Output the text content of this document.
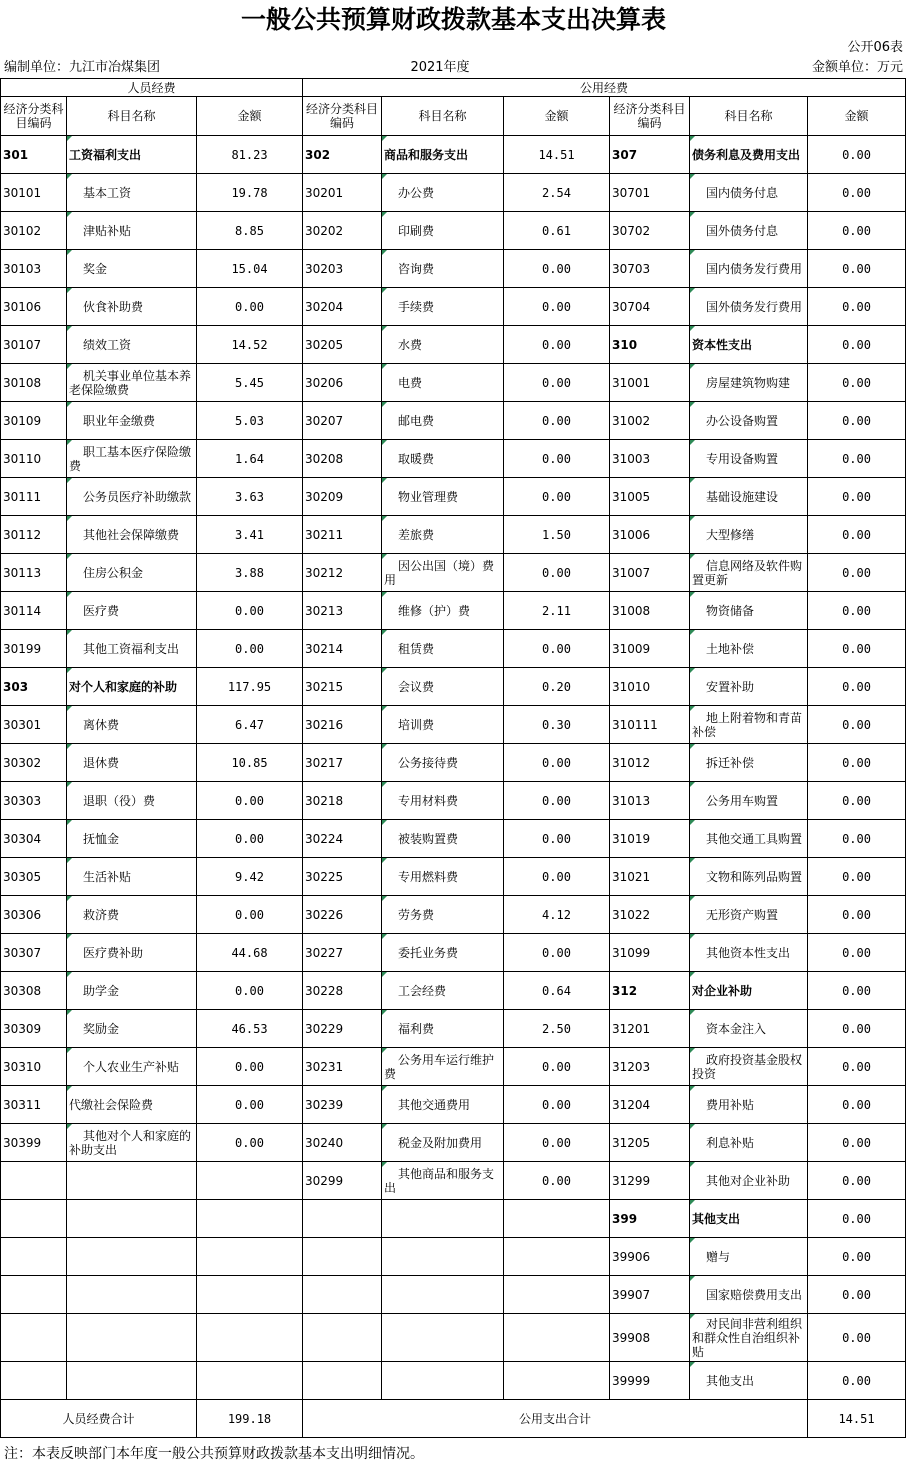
一般公共预算财政拨款基本支出决算表
公开06表
编制单位：九江市冶煤集团	2021年度	金额单位：万元
人员经费			公用经费					
经济分类科目编码	科目名称	金额	经济分类科目编码	科目名称	金额	经济分类科目编码	科目名称	金额
301	工资福利支出	81.23	302	商品和服务支出	14.51	307	债务利息及费用支出	0.00
30101	基本工资	19.78	30201	办公费	2.54	30701	国内债务付息	0.00
30102	津贴补贴	8.85	30202	印刷费	0.61	30702	国外债务付息	0.00
30103	奖金	15.04	30203	咨询费	0.00	30703	国内债务发行费用	0.00
30106	伙食补助费	0.00	30204	手续费	0.00	30704	国外债务发行费用	0.00
30107	绩效工资	14.52	30205	水费	0.00	310	资本性支出	0.00
30108	机关事业单位基本养老保险缴费	5.45	30206	电费	0.00	31001	房屋建筑物购建	0.00
30109	职业年金缴费	5.03	30207	邮电费	0.00	31002	办公设备购置	0.00
30110	职工基本医疗保险缴费	1.64	30208	取暖费	0.00	31003	专用设备购置	0.00
30111	公务员医疗补助缴款	3.63	30209	物业管理费	0.00	31005	基础设施建设	0.00
30112	其他社会保障缴费	3.41	30211	差旅费	1.50	31006	大型修缮	0.00
30113	住房公积金	3.88	30212	因公出国（境）费用	0.00	31007	信息网络及软件购置更新	0.00
30114	医疗费	0.00	30213	维修（护）费	2.11	31008	物资储备	0.00
30199	其他工资福利支出	0.00	30214	租赁费	0.00	31009	土地补偿	0.00
303	对个人和家庭的补助	117.95	30215	会议费	0.20	31010	安置补助	0.00
30301	离休费	6.47	30216	培训费	0.30	310111	地上附着物和青苗补偿	0.00
30302	退休费	10.85	30217	公务接待费	0.00	31012	拆迁补偿	0.00
30303	退职（役）费	0.00	30218	专用材料费	0.00	31013	公务用车购置	0.00
30304	抚恤金	0.00	30224	被装购置费	0.00	31019	其他交通工具购置	0.00
30305	生活补贴	9.42	30225	专用燃料费	0.00	31021	文物和陈列品购置	0.00
30306	救济费	0.00	30226	劳务费	4.12	31022	无形资产购置	0.00
30307	医疗费补助	44.68	30227	委托业务费	0.00	31099	其他资本性支出	0.00
30308	助学金	0.00	30228	工会经费	0.64	312	对企业补助	0.00
30309	奖励金	46.53	30229	福利费	2.50	31201	资本金注入	0.00
30310	个人农业生产补贴	0.00	30231	公务用车运行维护费	0.00	31203	政府投资基金股权投资	0.00
30311	代缴社会保险费	0.00	30239	其他交通费用	0.00	31204	费用补贴	0.00
30399	其他对个人和家庭的补助支出	0.00	30240	税金及附加费用	0.00	31205	利息补贴	0.00
			30299	其他商品和服务支出	0.00	31299	其他对企业补助	0.00
						399	其他支出	0.00
						39906	赠与	0.00
						39907	国家赔偿费用支出	0.00
						39908	对民间非营利组织和群众性自治组织补贴	0.00
						39999	其他支出	0.00
人员经费合计		199.18	公用支出合计					14.51
注：本表反映部门本年度一般公共预算财政拨款基本支出明细情况。
